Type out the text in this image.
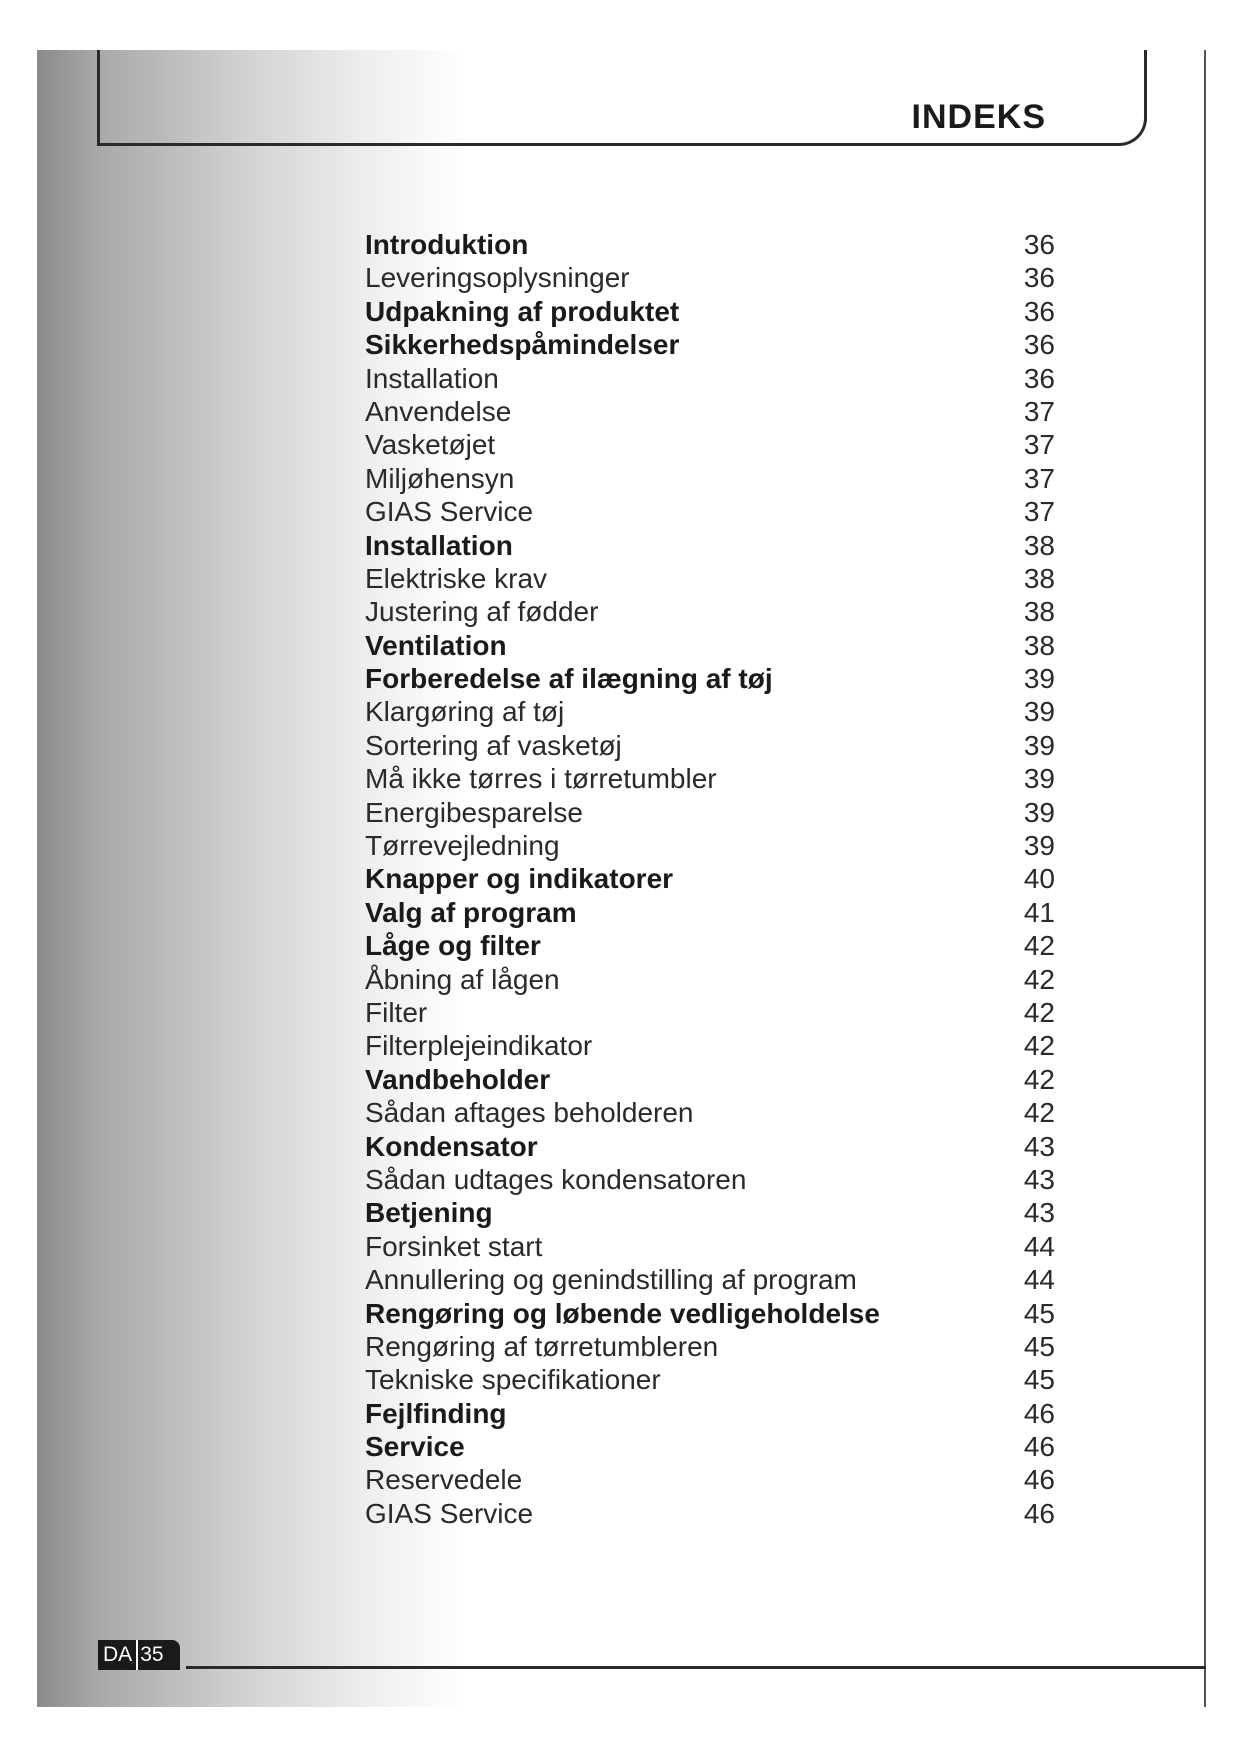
INDEKS
Introduktion	36
Leveringsoplysninger	36
Udpakning af produktet	36
Sikkerhedspåmindelser	36
Installation	36
Anvendelse	37
Vasketøjet	37
Miljøhensyn	37
GIAS Service	37
Installation	38
Elektriske krav	38
Justering af fødder	38
Ventilation	38
Forberedelse af ilægning af tøj	39
Klargøring af tøj	39
Sortering af vasketøj	39
Må ikke tørres i tørretumbler	39
Energibesparelse	39
Tørrevejledning	39
Knapper og indikatorer	40
Valg af program	41
Låge og filter	42
Åbning af lågen	42
Filter	42
Filterplejeindikator	42
Vandbeholder	42
Sådan aftages beholderen	42
Kondensator	43
Sådan udtages kondensatoren	43
Betjening	43
Forsinket start	44
Annullering og genindstilling af program	44
Rengøring og løbende vedligeholdelse	45
Rengøring af tørretumbleren	45
Tekniske specifikationer	45
Fejlfinding	46
Service	46
Reservedele	46
GIAS Service	46
DA 35
